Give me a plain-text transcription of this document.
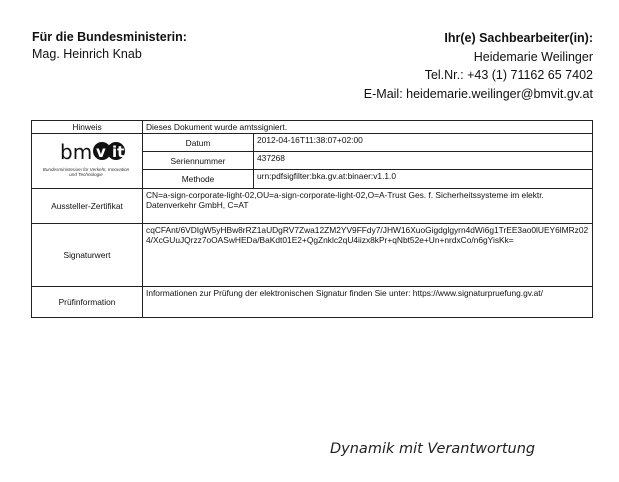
Für die Bundesministerin:
Mag. Heinrich Knab
Ihr(e) Sachbearbeiter(in):
Heidemarie Weilinger
Tel.Nr.: +43 (1) 71162 65 7402
E-Mail: heidemarie.weilinger@bmvit.gv.at
Hinweis	Dieses Dokument wurde amtssigniert.	

bm v it
Bundesministerium für Verkehr, Innovation und Technologie	Datum	2012-04-16T11:38:07+02:00
	Seriennummer	437268
	Methode	urn:pdfsigfilter:bka.gv.at:binaer:v1.1.0
Aussteller-Zertifikat	CN=a-sign-corporate-light-02,OU=a-sign-corporate-light-02,O=A-Trust Ges. f. Sicherheitssysteme im elektr. Datenverkehr GmbH, C=AT	
Signaturwert	cqCFAnt/6VDIgW5yHBw8rRZ1aUDgRV7Zwa12ZM2YV9FFdy7/JHW16XuoGigdglgyrn4dWi6g1TrEE3ao0lUEY6lMRz024/XcGUuJQrzz7oOASwHEDa/BaKdt01E2+QgZnklc2qU4iizx8kPr+qNbt52e+Un+nrdxCo/n6gYisKk=	
Prüfinformation	Informationen zur Prüfung der elektronischen Signatur finden Sie unter: https://www.signaturpruefung.gv.at/	
Dynamik mit Verantwortung
